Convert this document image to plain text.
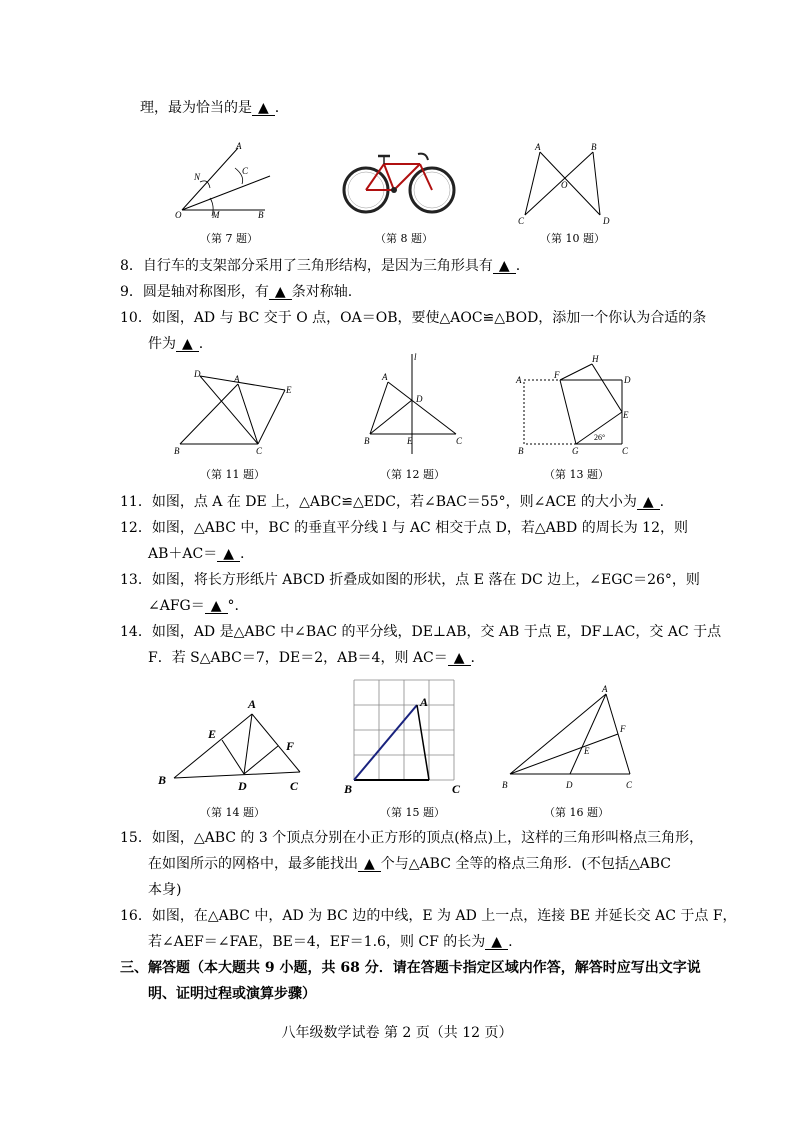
理，最为恰当的是 ▲ .
A
N
C
O	M	B
（第 7 题）	（第 8 题）
A	B
O
C	D
（第 10 题）
8．自行车的支架部分采用了三角形结构，是因为三角形具有 ▲ .
9．圆是轴对称图形，有 ▲ 条对称轴.
10．如图，AD 与 BC 交于 O 点，OA＝OB，要使△AOC≌△BOD，添加一个你认为合适的条
件为 ▲ .
D	A
E
B	C
（第 11 题）
l
A
D
B	E	C
（第 12 题）
H
A	F	D
E
26°
B	G	C
（第 13 题）
11．如图，点 A 在 DE 上，△ABC≌△EDC，若∠BAC＝55°，则∠ACE 的大小为 ▲ .
12．如图，△ABC 中，BC 的垂直平分线 l 与 AC 相交于点 D，若△ABD 的周长为 12，则
AB＋AC＝ ▲ .
13．如图，将长方形纸片 ABCD 折叠成如图的形状，点 E 落在 DC 边上，∠EGC＝26°，则
∠AFG＝ ▲ °.
14．如图，AD 是△ABC 中∠BAC 的平分线，DE⊥AB，交 AB 于点 E，DF⊥AC，交 AC 于点
F．若 S△ABC＝7，DE＝2，AB＝4，则 AC＝ ▲ .
A
E
F
B	D	C
（第 14 题）
A
B	C
（第 15 题）
A
F
E
B	D	C
（第 16 题）
15．如图，△ABC 的 3 个顶点分别在小正方形的顶点(格点)上，这样的三角形叫格点三角形，
在如图所示的网格中，最多能找出 ▲ 个与△ABC 全等的格点三角形．(不包括△ABC
本身)
16．如图，在△ABC 中，AD 为 BC 边的中线，E 为 AD 上一点，连接 BE 并延长交 AC 于点 F，
若∠AEF＝∠FAE，BE＝4，EF＝1.6，则 CF 的长为 ▲ .
三、解答题（本大题共 9 小题，共 68 分．请在答题卡指定区域内作答，解答时应写出文字说
明、证明过程或演算步骤）
八年级数学试卷 第 2 页（共 12 页）
